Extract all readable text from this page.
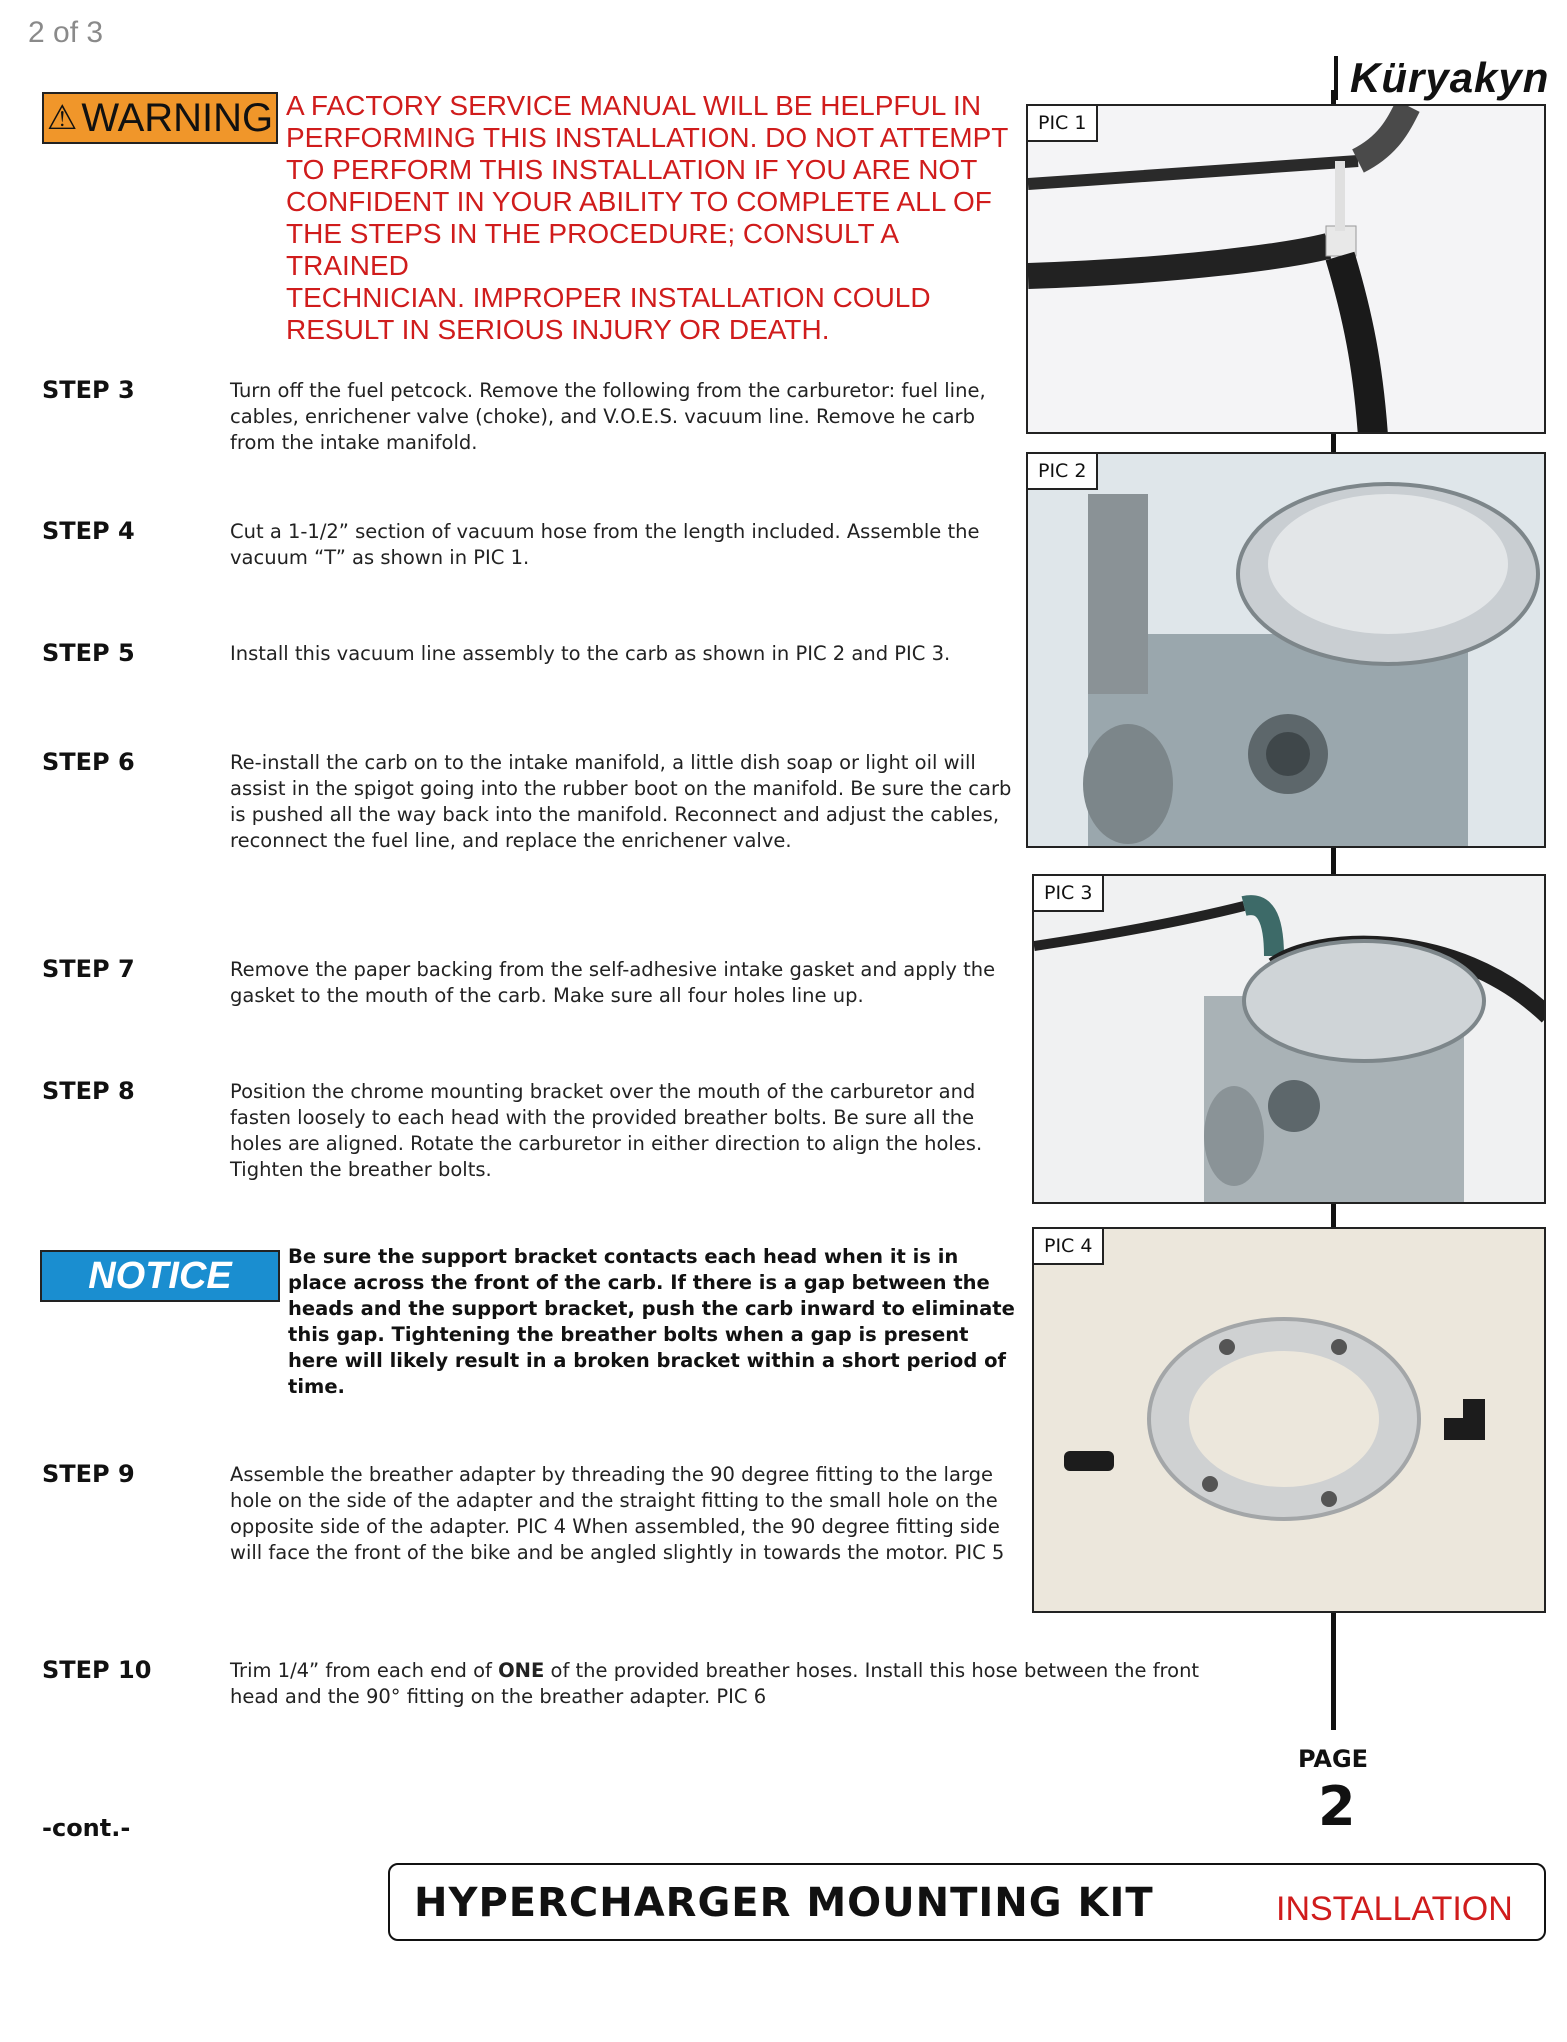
2 of 3
Küryakyn
⚠ WARNING A FACTORY SERVICE MANUAL WILL BE HELPFUL IN
PERFORMING THIS INSTALLATION. DO NOT ATTEMPT
TO PERFORM THIS INSTALLATION IF YOU ARE NOT
CONFIDENT IN YOUR ABILITY TO COMPLETE ALL OF
THE STEPS IN THE PROCEDURE; CONSULT A TRAINED
TECHNICIAN. IMPROPER INSTALLATION COULD
RESULT IN SERIOUS INJURY OR DEATH.
STEP 3	Turn off the fuel petcock. Remove the following from the carburetor: fuel line, cables, enrichener valve (choke), and V.O.E.S. vacuum line. Remove he carb from the intake manifold.
STEP 4	Cut a 1-1/2” section of vacuum hose from the length included. Assemble the vacuum “T” as shown in PIC 1.
STEP 5	Install this vacuum line assembly to the carb as shown in PIC 2 and PIC 3.
STEP 6	Re-install the carb on to the intake manifold, a little dish soap or light oil will assist in the spigot going into the rubber boot on the manifold. Be sure the carb is pushed all the way back into the manifold. Reconnect and adjust the cables, reconnect the fuel line, and replace the enrichener valve.
STEP 7	Remove the paper backing from the self-adhesive intake gasket and apply the gasket to the mouth of the carb. Make sure all four holes line up.
STEP 8	Position the chrome mounting bracket over the mouth of the carburetor and fasten loosely to each head with the provided breather bolts. Be sure all the holes are aligned. Rotate the carburetor in either direction to align the holes. Tighten the breather bolts.
NOTICE	Be sure the support bracket contacts each head when it is in place across the front of the carb. If there is a gap between the heads and the support bracket, push the carb inward to eliminate this gap. Tightening the breather bolts when a gap is present here will likely result in a broken bracket within a short period of time.
STEP 9	Assemble the breather adapter by threading the 90 degree fitting to the large hole on the side of the adapter and the straight fitting to the small hole on the opposite side of the adapter. PIC 4 When assembled, the 90 degree fitting side will face the front of the bike and be angled slightly in towards the motor. PIC 5
STEP 10	Trim 1/4” from each end of ONE of the provided breather hoses. Install this hose between the front head and the 90° fitting on the breather adapter. PIC 6
PIC 1
PIC 2
PIC 3
PIC 4
PAGE
2
-cont.-
HYPERCHARGER MOUNTING KIT	INSTALLATION
